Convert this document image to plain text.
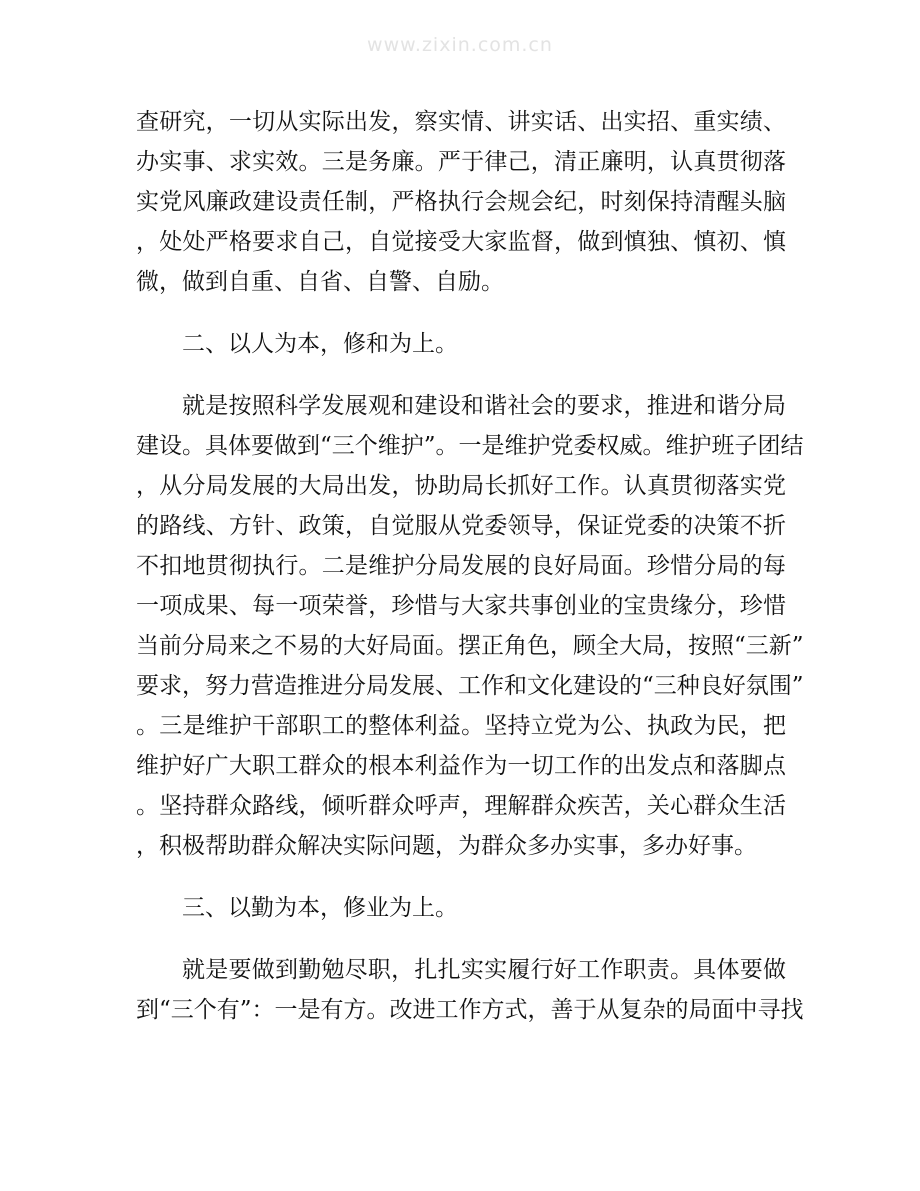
www.zixin.com.cn
查研究，一切从实际出发，察实情、讲实话、出实招、重实绩、
办实事、求实效。三是务廉。严于律己，清正廉明，认真贯彻落
实党风廉政建设责任制，严格执行会规会纪，时刻保持清醒头脑
，处处严格要求自己，自觉接受大家监督，做到慎独、慎初、慎
微，做到自重、自省、自警、自励。
二、以人为本，修和为上。
就是按照科学发展观和建设和谐社会的要求，推进和谐分局
建设。具体要做到“三个维护”。一是维护党委权威。维护班子团结
，从分局发展的大局出发，协助局长抓好工作。认真贯彻落实党
的路线、方针、政策，自觉服从党委领导，保证党委的决策不折
不扣地贯彻执行。二是维护分局发展的良好局面。珍惜分局的每
一项成果、每一项荣誉，珍惜与大家共事创业的宝贵缘分，珍惜
当前分局来之不易的大好局面。摆正角色，顾全大局，按照“三新”
要求，努力营造推进分局发展、工作和文化建设的“三种良好氛围”
。三是维护干部职工的整体利益。坚持立党为公、执政为民，把
维护好广大职工群众的根本利益作为一切工作的出发点和落脚点
。坚持群众路线，倾听群众呼声，理解群众疾苦，关心群众生活
，积极帮助群众解决实际问题，为群众多办实事，多办好事。
三、以勤为本，修业为上。
就是要做到勤勉尽职，扎扎实实履行好工作职责。具体要做
到“三个有”：一是有方。改进工作方式，善于从复杂的局面中寻找
